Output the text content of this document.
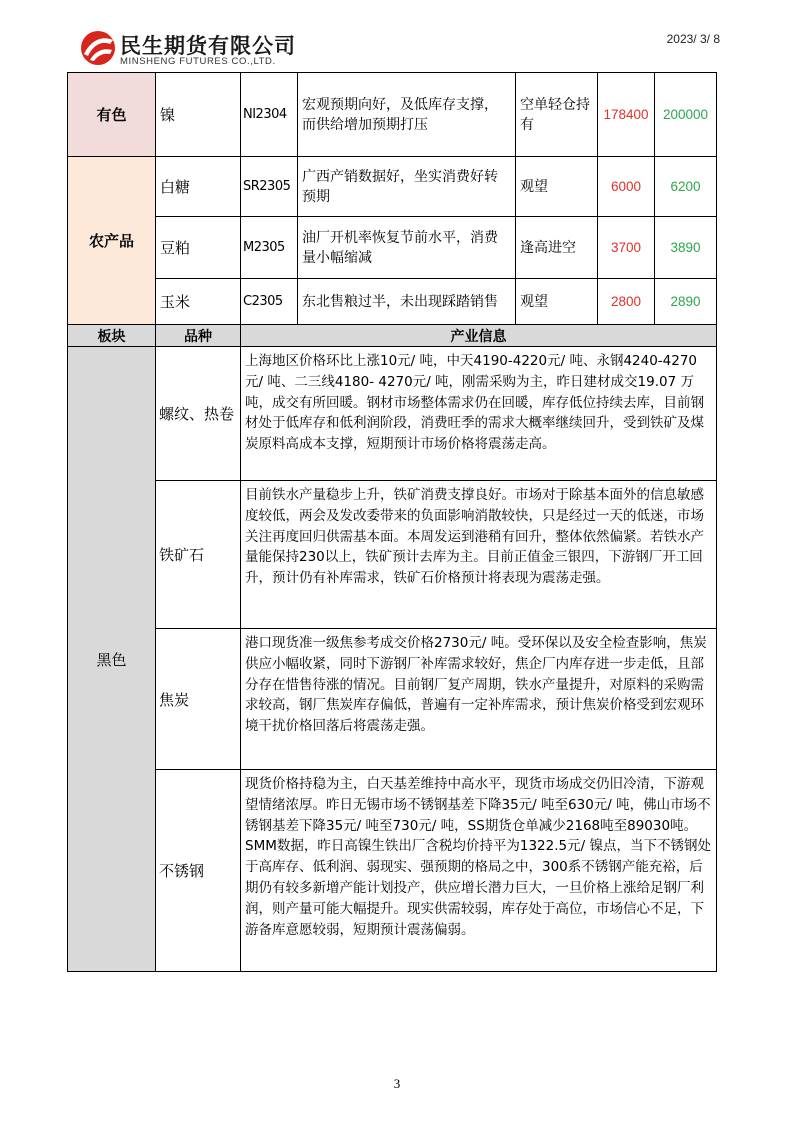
民生期货有限公司
MINSHENG FUTURES CO.,LTD.
2023/ 3/ 8
有色	镍	NI2304	宏观预期向好，及低库存支撑，而供给增加预期打压	空单轻仓持有	178400	200000
农产品	白糖	SR2305	广西产销数据好，坐实消费好转预期	观望	6000	6200
	豆粕	M2305	油厂开机率恢复节前水平，消费量小幅缩减	逢高进空	3700	3890
	玉米	C2305	东北售粮过半，未出现踩踏销售	观望	2800	2890
板块	品种	产业信息				
黑色	螺纹、热卷	上海地区价格环比上涨10元/ 吨，中天4190-4220元/ 吨、永钢4240-4270元/ 吨、二三线4180- 4270元/ 吨，刚需采购为主，昨日建材成交19.07 万吨，成交有所回暖。钢材市场整体需求仍在回暖，库存低位持续去库，目前钢材处于低库存和低利润阶段，消费旺季的需求大概率继续回升，受到铁矿及煤炭原料高成本支撑，短期预计市场价格将震荡走高。				
	铁矿石	目前铁水产量稳步上升，铁矿消费支撑良好。市场对于除基本面外的信息敏感度较低，两会及发改委带来的负面影响消散较快，只是经过一天的低迷，市场关注再度回归供需基本面。本周发运到港稍有回升，整体依然偏紧。若铁水产量能保持230以上，铁矿预计去库为主。目前正值金三银四，下游钢厂开工回升，预计仍有补库需求，铁矿石价格预计将表现为震荡走强。				
	焦炭	港口现货准一级焦参考成交价格2730元/ 吨。受环保以及安全检查影响，焦炭供应小幅收紧，同时下游钢厂补库需求较好，焦企厂内库存进一步走低，且部分存在惜售待涨的情况。目前钢厂复产周期，铁水产量提升，对原料的采购需求较高，钢厂焦炭库存偏低，普遍有一定补库需求，预计焦炭价格受到宏观环境干扰价格回落后将震荡走强。				
	不锈钢	现货价格持稳为主，白天基差维持中高水平，现货市场成交仍旧冷清，下游观望情绪浓厚。昨日无锡市场不锈钢基差下降35元/ 吨至630元/ 吨，佛山市场不锈钢基差下降35元/ 吨至730元/ 吨，SS期货仓单减少2168吨至89030吨。SMM数据，昨日高镍生铁出厂含税均价持平为1322.5元/ 镍点，当下不锈钢处于高库存、低利润、弱现实、强预期的格局之中，300系不锈钢产能充裕，后期仍有较多新增产能计划投产，供应增长潜力巨大，一旦价格上涨给足钢厂利润，则产量可能大幅提升。现实供需较弱，库存处于高位，市场信心不足，下游备库意愿较弱，短期预计震荡偏弱。				
3
